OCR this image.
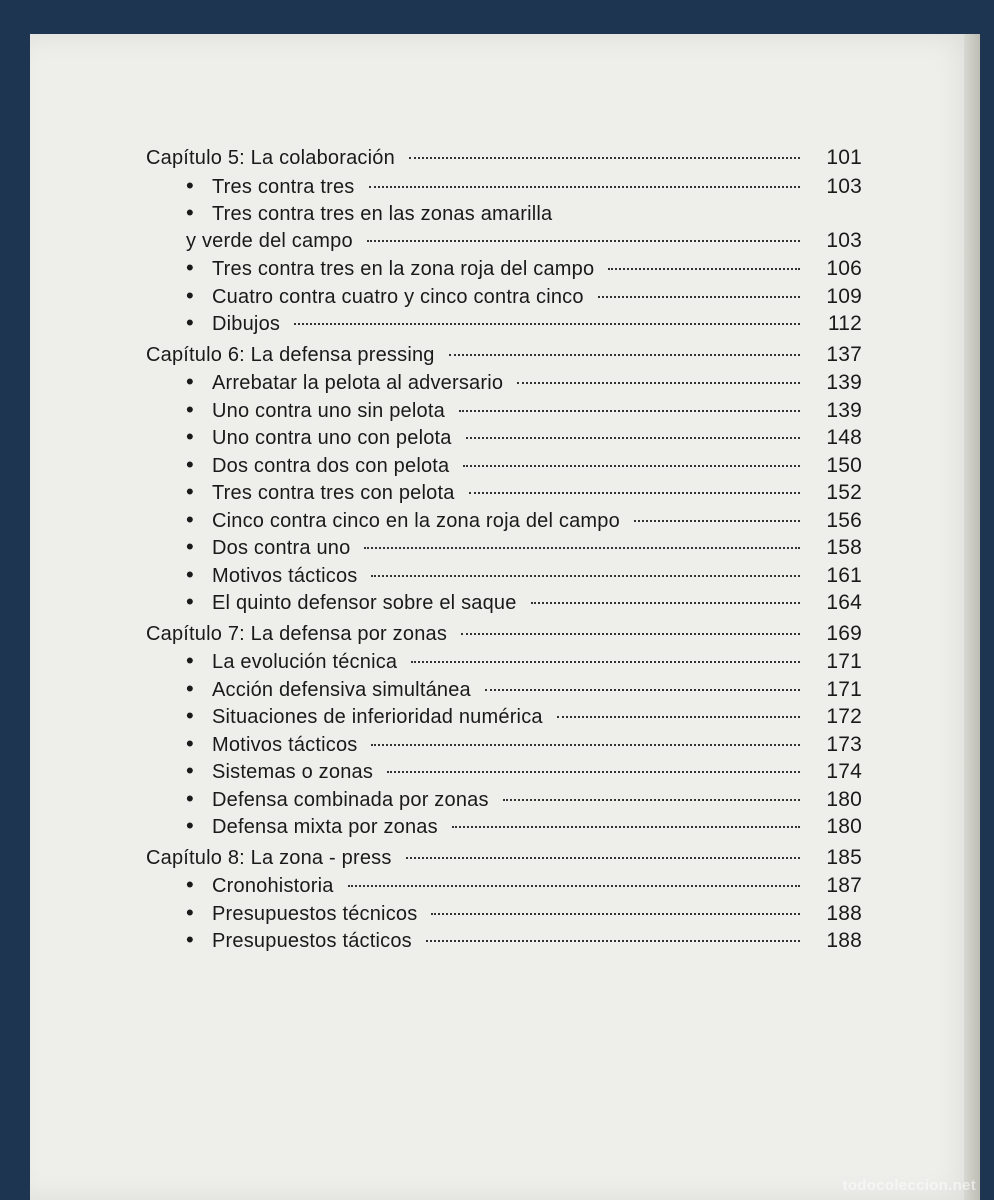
Capítulo 5: La colaboración	101
• Tres contra tres	103
• Tres contra tres en las zonas amarilla
y verde del campo	103
• Tres contra tres en la zona roja del campo	106
• Cuatro contra cuatro y cinco contra cinco	109
• Dibujos	112
Capítulo 6: La defensa pressing	137
• Arrebatar la pelota al adversario	139
• Uno contra uno sin pelota	139
• Uno contra uno con pelota	148
• Dos contra dos con pelota	150
• Tres contra tres con pelota	152
• Cinco contra cinco en la zona roja del campo	156
• Dos contra uno	158
• Motivos tácticos	161
• El quinto defensor sobre el saque	164
Capítulo 7: La defensa por zonas	169
• La evolución técnica	171
• Acción defensiva simultánea	171
• Situaciones de inferioridad numérica	172
• Motivos tácticos	173
• Sistemas o zonas	174
• Defensa combinada por zonas	180
• Defensa mixta por zonas	180
Capítulo 8: La zona - press	185
• Cronohistoria	187
• Presupuestos técnicos	188
• Presupuestos tácticos	188
todocoleccion.net
